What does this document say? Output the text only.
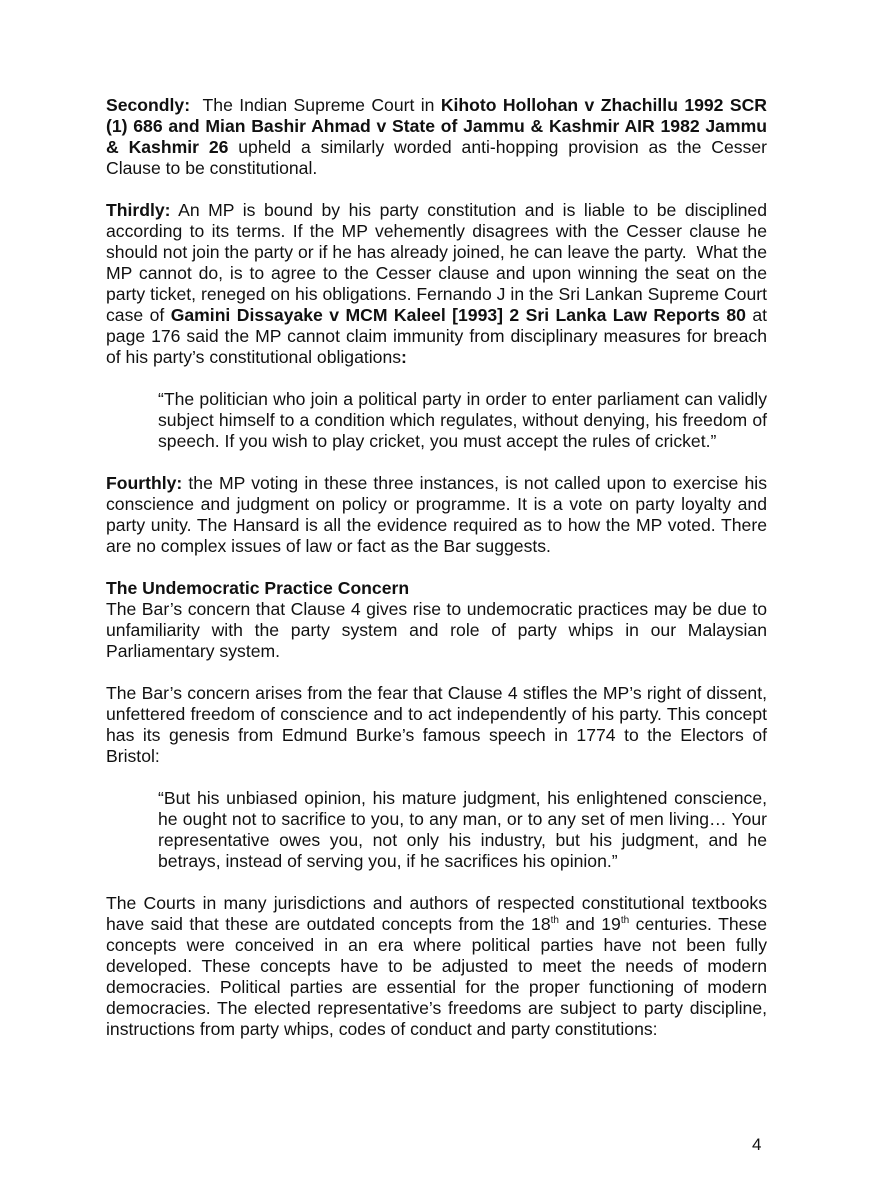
Secondly:  The Indian Supreme Court in Kihoto Hollohan v Zhachillu 1992 SCR (1) 686 and Mian Bashir Ahmad v State of Jammu & Kashmir AIR 1982 Jammu & Kashmir 26 upheld a similarly worded anti-hopping provision as the Cesser Clause to be constitutional.

Thirdly: An MP is bound by his party constitution and is liable to be disciplined according to its terms. If the MP vehemently disagrees with the Cesser clause he should not join the party or if he has already joined, he can leave the party.  What the MP cannot do, is to agree to the Cesser clause and upon winning the seat on the party ticket, reneged on his obligations. Fernando J in the Sri Lankan Supreme Court case of Gamini Dissayake v MCM Kaleel [1993] 2 Sri Lanka Law Reports 80 at page 176 said the MP cannot claim immunity from disciplinary measures for breach of his party’s constitutional obligations:

“The politician who join a political party in order to enter parliament can validly subject himself to a condition which regulates, without denying, his freedom of speech. If you wish to play cricket, you must accept the rules of cricket.”

Fourthly: the MP voting in these three instances, is not called upon to exercise his conscience and judgment on policy or programme. It is a vote on party loyalty and party unity. The Hansard is all the evidence required as to how the MP voted. There are no complex issues of law or fact as the Bar suggests.

The Undemocratic Practice Concern

The Bar’s concern that Clause 4 gives rise to undemocratic practices may be due to unfamiliarity with the party system and role of party whips in our Malaysian Parliamentary system.

The Bar’s concern arises from the fear that Clause 4 stifles the MP’s right of dissent, unfettered freedom of conscience and to act independently of his party. This concept has its genesis from Edmund Burke’s famous speech in 1774 to the Electors of Bristol:

“But his unbiased opinion, his mature judgment, his enlightened conscience, he ought not to sacrifice to you, to any man, or to any set of men living… Your representative owes you, not only his industry, but his judgment, and he betrays, instead of serving you, if he sacrifices his opinion.”

The Courts in many jurisdictions and authors of respected constitutional textbooks have said that these are outdated concepts from the 18th and 19th centuries. These concepts were conceived in an era where political parties have not been fully developed. These concepts have to be adjusted to meet the needs of modern democracies. Political parties are essential for the proper functioning of modern democracies. The elected representative’s freedoms are subject to party discipline, instructions from party whips, codes of conduct and party constitutions:

4
